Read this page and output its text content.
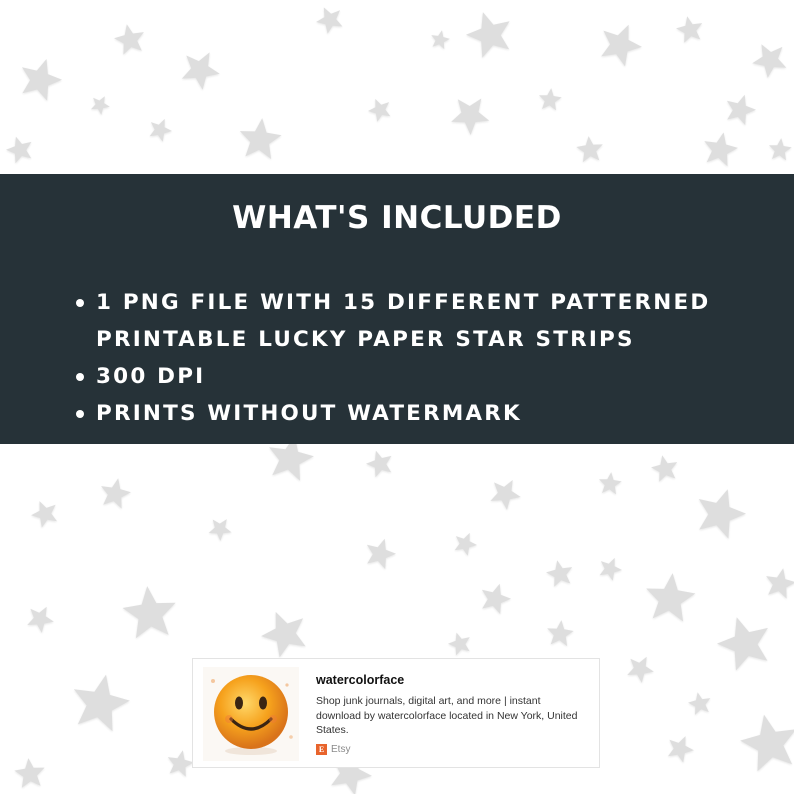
WHAT'S INCLUDED
1 PNG FILE WITH 15 DIFFERENT PATTERNED
PRINTABLE LUCKY PAPER STAR STRIPS
300 DPI
PRINTS WITHOUT WATERMARK
watercolorface
Shop junk journals, digital art, and more | instant download by watercolorface located in New York, United States.
E Etsy
